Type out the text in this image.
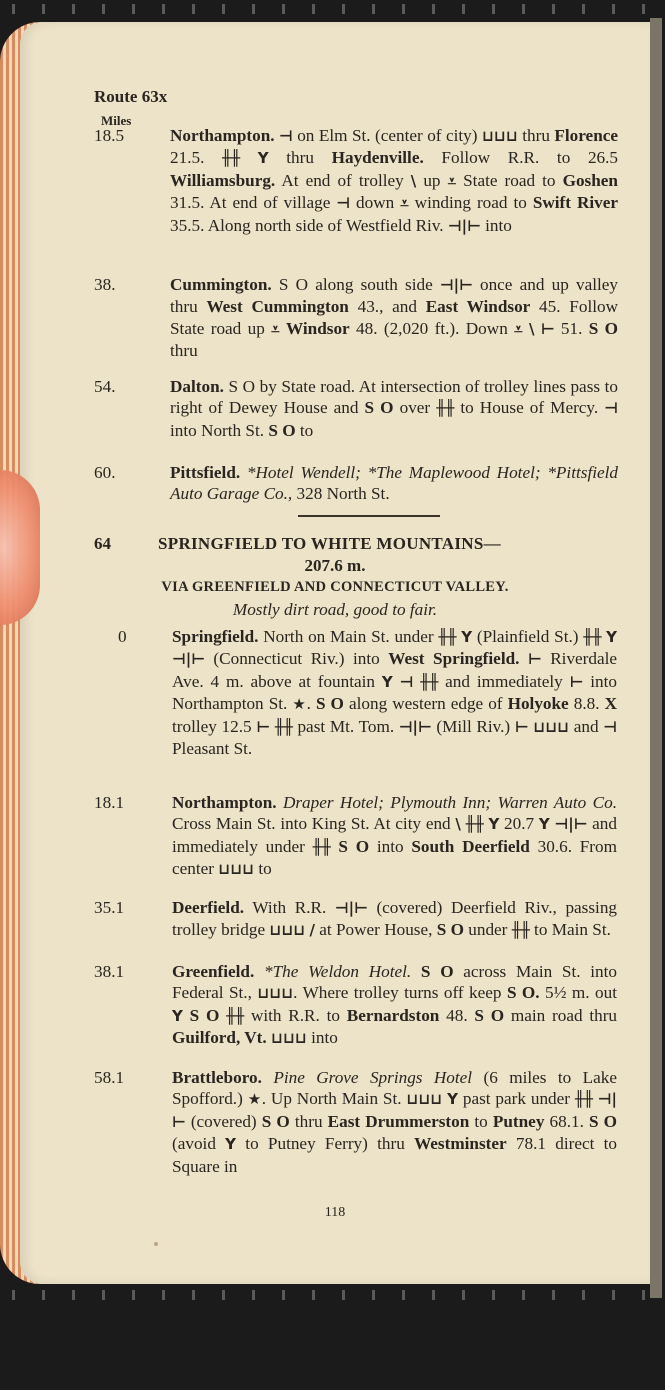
Route 63x
Miles
18.5	Northampton. ⊣ on Elm St. (center of city) ⊔⊔⊔ thru Florence 21.5. ╫╫ Y thru Haydenville. Follow R.R. to 26.5 Williamsburg. At end of trolley \ up ⩡ State road to Goshen 31.5. At end of village ⊣ down ⩡ winding road to Swift River 35.5. Along north side of Westfield Riv. ⊣|⊢ into
38.	Cummington. S O along south side ⊣|⊢ once and up valley thru West Cummington 43., and East Windsor 45. Follow State road up ⩡ Windsor 48. (2,020 ft.). Down ⩡ \ ⊢ 51. S O thru
54.	Dalton. S O by State road. At intersection of trolley lines pass to right of Dewey House and S O over ╫╫ to House of Mercy. ⊣ into North St. S O to
60.	Pittsfield. *Hotel Wendell; *The Maplewood Hotel; *Pittsfield Auto Garage Co., 328 North St.
64	SPRINGFIELD TO WHITE MOUNTAINS—
207.6 m.
VIA GREENFIELD AND CONNECTICUT VALLEY.
Mostly dirt road, good to fair.
0	Springfield. North on Main St. under ╫╫ Y (Plainfield St.) ╫╫ Y ⊣|⊢ (Connecticut Riv.) into West Springfield. ⊢ Riverdale Ave. 4 m. above at fountain Y ⊣ ╫╫ and immediately ⊢ into Northampton St. ★. S O along western edge of Holyoke 8.8. X trolley 12.5 ⊢ ╫╫ past Mt. Tom. ⊣|⊢ (Mill Riv.) ⊢ ⊔⊔⊔ and ⊣ Pleasant St.
18.1	Northampton. Draper Hotel; Plymouth Inn; Warren Auto Co. Cross Main St. into King St. At city end \ ╫╫ Y 20.7 Y ⊣|⊢ and immediately under ╫╫ S O into South Deerfield 30.6. From center ⊔⊔⊔ to
35.1	Deerfield. With R.R. ⊣|⊢ (covered) Deerfield Riv., passing trolley bridge ⊔⊔⊔ / at Power House, S O under ╫╫ to Main St.
38.1	Greenfield. *The Weldon Hotel. S O across Main St. into Federal St., ⊔⊔⊔. Where trolley turns off keep S O. 5½ m. out Y S O ╫╫ with R.R. to Bernardston 48. S O main road thru Guilford, Vt. ⊔⊔⊔ into
58.1	Brattleboro. Pine Grove Springs Hotel (6 miles to Lake Spofford.) ★. Up North Main St. ⊔⊔⊔ Y past park under ╫╫ ⊣|⊢ (covered) S O thru East Drummerston to Putney 68.1. S O (avoid Y to Putney Ferry) thru Westminster 78.1 direct to Square in
118
